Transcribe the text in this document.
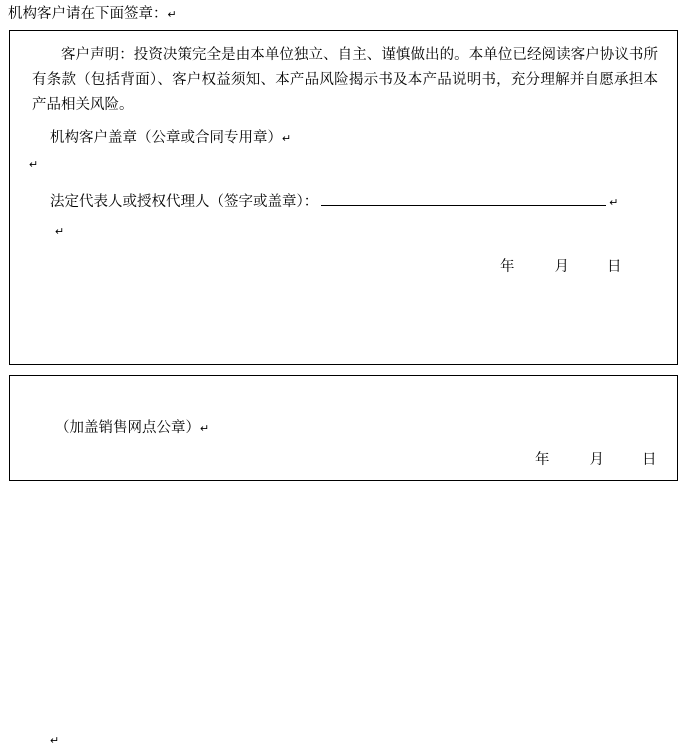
机构客户请在下面签章：↵
客户声明：投资决策完全是由本单位独立、自主、谨慎做出的。本单位已经阅读客户协议书所有条款（包括背面）、客户权益须知、本产品风险揭示书及本产品说明书，充分理解并自愿承担本产品相关风险。
机构客户盖章（公章或合同专用章）↵
↵
法定代表人或授权代理人（签字或盖章）：	↵
↵
年	月	日
↵
（加盖销售网点公章）↵
年	月	日
